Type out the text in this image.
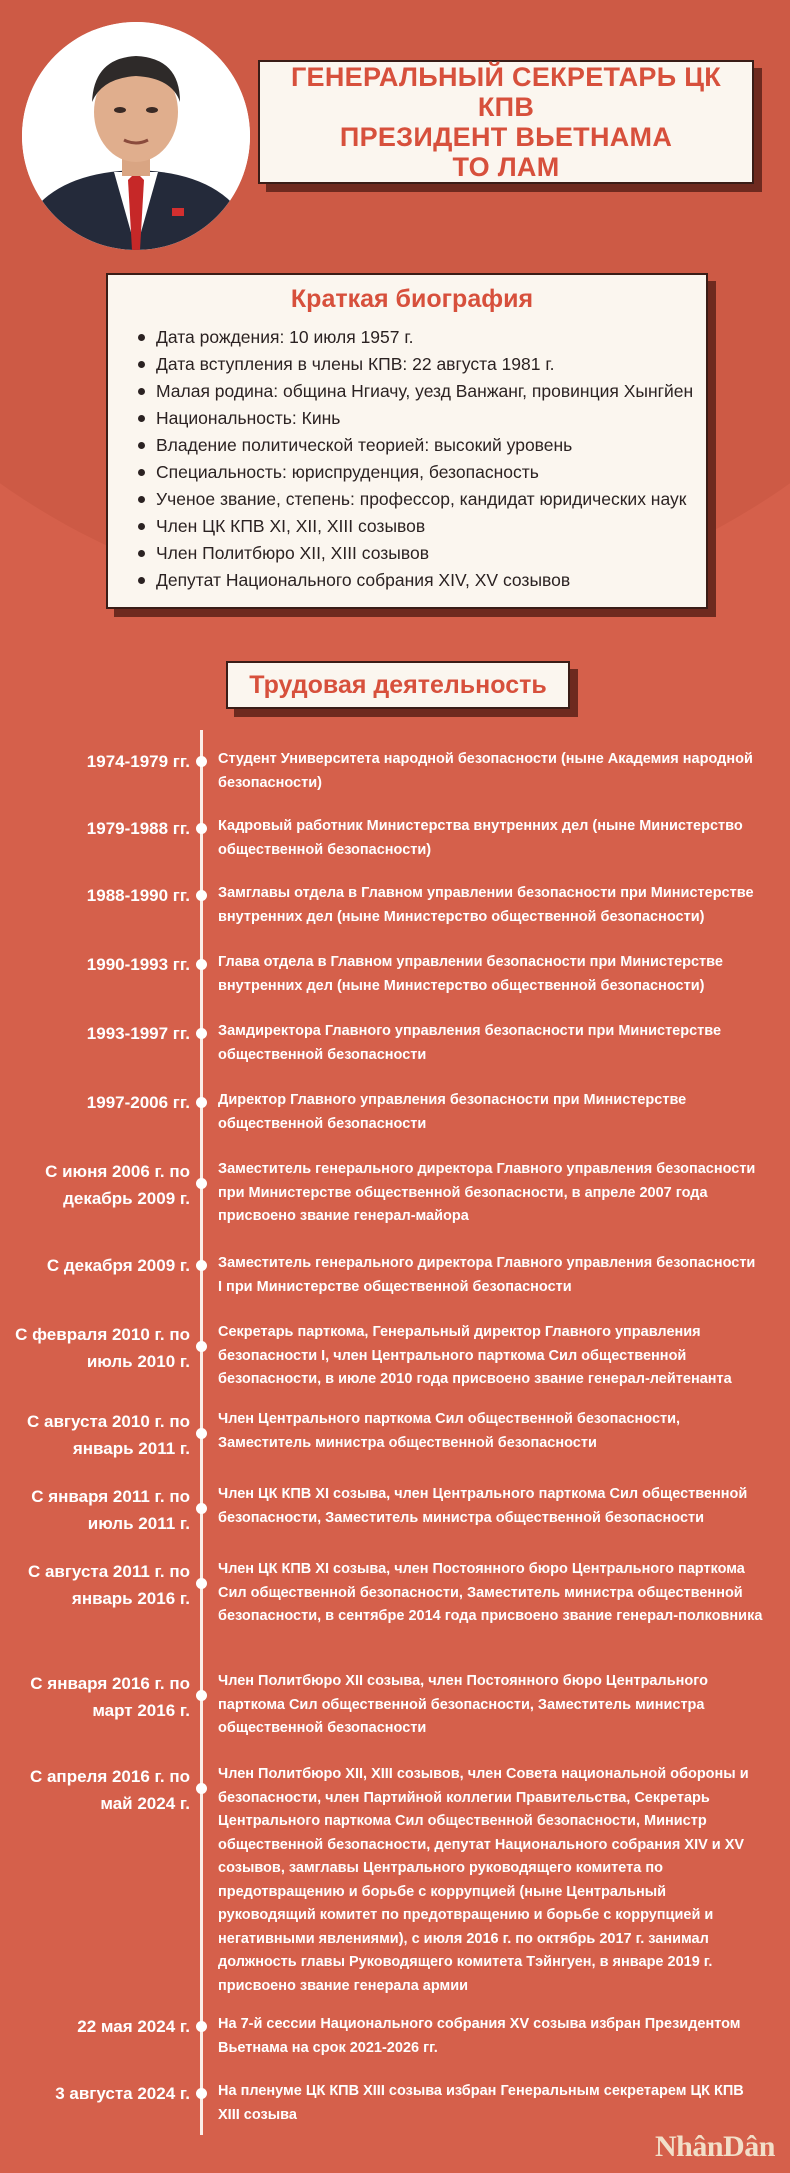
ГЕНЕРАЛЬНЫЙ СЕКРЕТАРЬ ЦК КПВ
ПРЕЗИДЕНТ ВЬЕТНАМА
ТО ЛАМ
Краткая биография
Дата рождения: 10 июля 1957 г.
Дата вступления в члены КПВ: 22 августа 1981 г.
Малая родина: община Нгиачу, уезд Ванжанг, провинция Хынгйен
Национальность: Кинь
Владение политической теорией: высокий уровень
Специальность: юриспруденция, безопасность
Ученое звание, степень: профессор, кандидат юридических наук
Член ЦК КПВ XI, XII, XIII созывов
Член Политбюро XII, XIII созывов
Депутат Национального собрания XIV, XV созывов
Трудовая деятельность
1974-1979 гг. Студент Университета народной безопасности (ныне Академия народной безопасности)
1979-1988 гг. Кадровый работник Министерства внутренних дел (ныне Министерство общественной безопасности)
1988-1990 гг. Замглавы отдела в Главном управлении безопасности при Министерстве внутренних дел (ныне Министерство общественной безопасности)
1990-1993 гг. Глава отдела в Главном управлении безопасности при Министерстве внутренних дел (ныне Министерство общественной безопасности)
1993-1997 гг. Замдиректора Главного управления безопасности при Министерстве общественной безопасности
1997-2006 гг. Директор Главного управления безопасности при Министерстве общественной безопасности
С июня 2006 г. по декабрь 2009 г.
Заместитель генерального директора Главного управления безопасности при Министерстве общественной безопасности, в апреле 2007 года присвоено звание генерал-майора
С декабря 2009 г. Заместитель генерального директора Главного управления безопасности I при Министерстве общественной безопасности
С февраля 2010 г. по июль 2010 г.
Секретарь парткома, Генеральный директор Главного управления безопасности I, член Центрального парткома Сил общественной безопасности, в июле 2010 года присвоено звание генерал-лейтенанта
С августа 2010 г. по январь 2011 г.
Член Центрального парткома Сил общественной безопасности, Заместитель министра общественной безопасности
С января 2011 г. по июль 2011 г.
Член ЦК КПВ XI созыва, член Центрального парткома Сил общественной безопасности, Заместитель министра общественной безопасности
С августа 2011 г. по январь 2016 г.
Член ЦК КПВ XI созыва, член Постоянного бюро Центрального парткома Сил общественной безопасности, Заместитель министра общественной безопасности, в сентябре 2014 года присвоено звание генерал-полковника
С января 2016 г. по март 2016 г.
Член Политбюро XII созыва, член Постоянного бюро Центрального парткома Сил общественной безопасности, Заместитель министра общественной безопасности
С апреля 2016 г. по май 2024 г.
Член Политбюро XII, XIII созывов, член Совета национальной обороны и безопасности, член Партийной коллегии Правительства, Секретарь Центрального парткома Сил общественной безопасности, Министр общественной безопасности, депутат Национального собрания XIV и XV созывов, замглавы Центрального руководящего комитета по предотвращению и борьбе с коррупцией (ныне Центральный руководящий комитет по предотвращению и борьбе с коррупцией и негативными явлениями), с июля 2016 г. по октябрь 2017 г. занимал должность главы Руководящего комитета Тэйнгуен, в январе 2019 г. присвоено звание генерала армии
22 мая 2024 г. На 7-й сессии Национального собрания XV созыва избран Президентом Вьетнама на срок 2021-2026 гг.
3 августа 2024 г. На пленуме ЦК КПВ XIII созыва избран Генеральным секретарем ЦК КПВ XIII созыва
NhânDân
